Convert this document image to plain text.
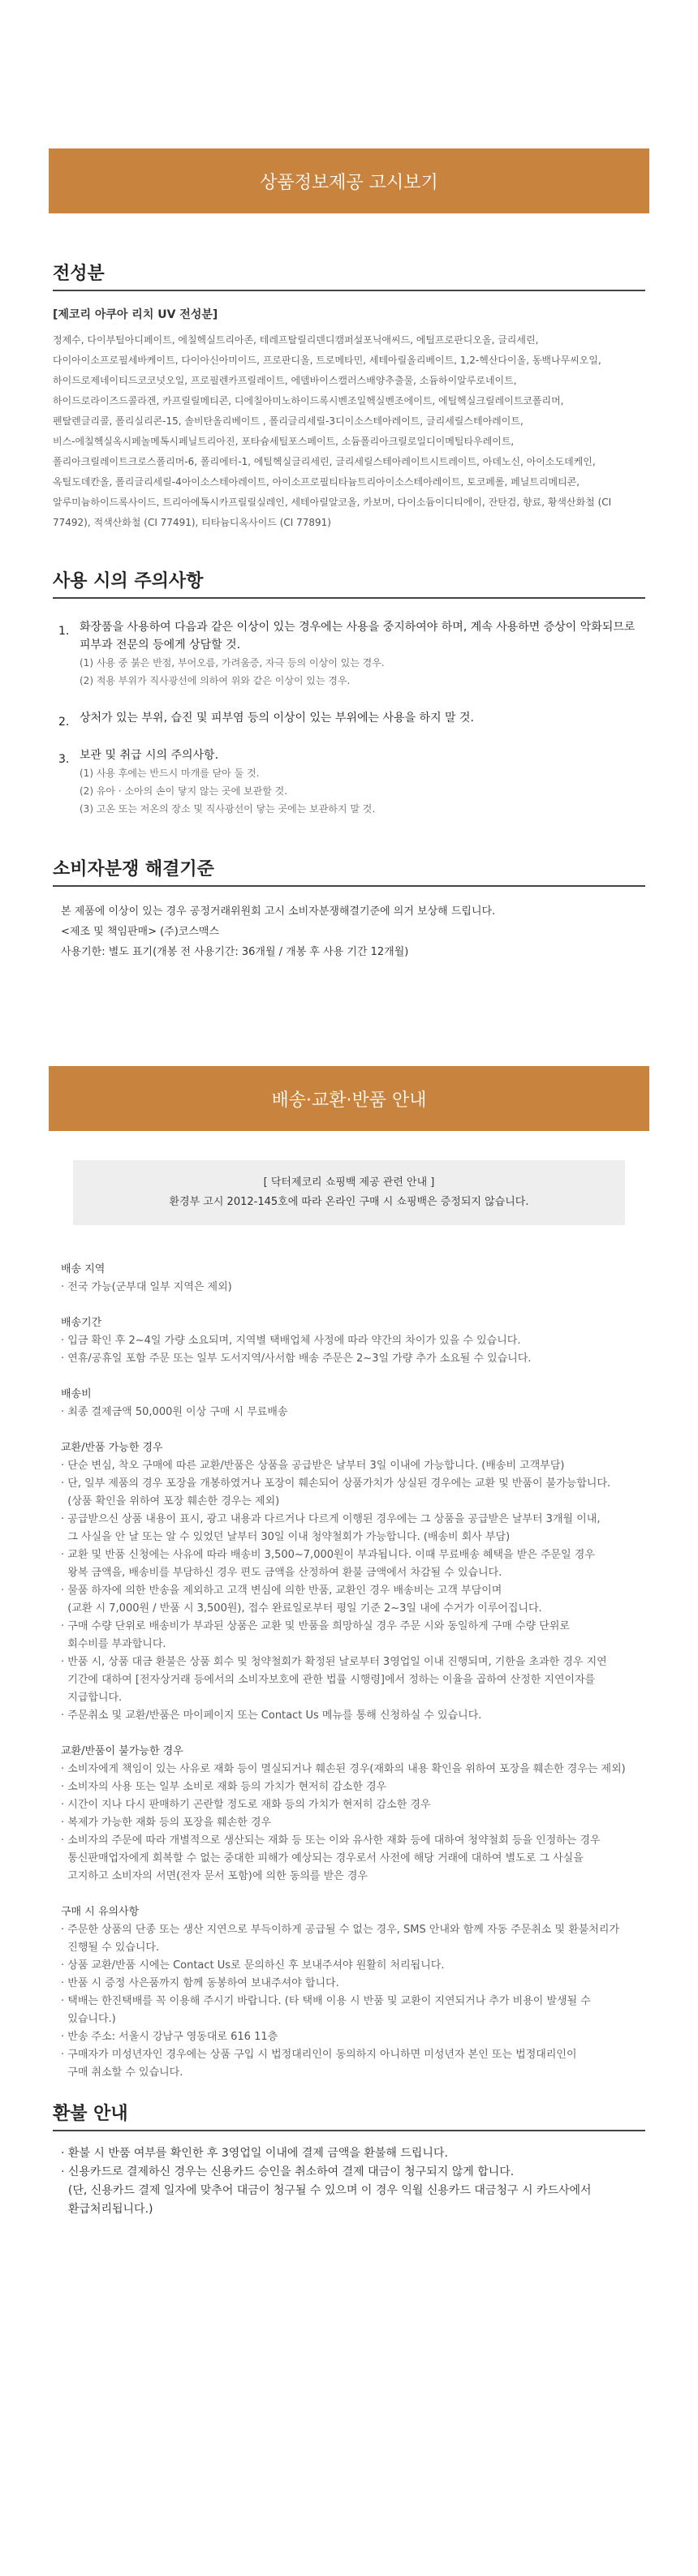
상품정보제공 고시보기
전성분
[제코리 아쿠아 리치 UV 전성분]
정제수, 다이부틸아디페이트, 에칠헥실트리아존, 테레프탈릴리덴디캠퍼설포닉애씨드, 에틸프로판디오올, 글리세린,
다이아이소프로필세바케이트, 다이아신아미이드, 프로판디올, 트로메타민, 세테아릴올리베이트, 1,2-헥산다이올, 동백나무씨오일,
하이드로제네이티드코코넛오일, 프로필렌카프릴레이트, 에델바이스캘러스배양추출물, 소듐하이알루로네이트,
하이드로라이즈드콜라겐, 카프릴릴메티콘, 디에칠아미노하이드록시벤조일헥실벤조에이트, 에틸헥실크릴레이트코폴리머,
펜탈렌글리콜, 폴리실리콘-15, 솔비탄올리베이트 , 폴리글리세릴-3디이소스테아레이트, 글리세릴스테아레이트,
비스-에칠헥실옥시페놀메톡시페닐트리아진, 포타슘세틸포스페이트, 소듐폴리아크릴로일디이메틸타우레이트,
폴리아크릴레이트크로스폴리머-6, 폴리에터-1, 에틸헥실글리세린, 글리세릴스테아레이트시트레이트, 아데노신, 아이소도데케인,
옥틸도데칸올, 폴리글리세릴-4아이소스테아레이트, 아이소프로필티타늄트리아이소스테아레이트, 토코페롤, 페닐트리메티콘,
알루미늄하이드록사이드, 트리아에톡시카프릴릴실레인, 세테아릴알코올, 카보머, 다이소듐이디티에이, 잔탄검, 향료, 황색산화철 (CI
77492), 적색산화철 (CI 77491), 티타늄디옥사이드 (CI 77891)
사용 시의 주의사항
1. 화장품을 사용하여 다음과 같은 이상이 있는 경우에는 사용을 중지하여야 하며, 계속 사용하면 증상이 악화되므로 피부과 전문의 등에게 상담할 것.
(1) 사용 중 붉은 반점, 부어오름, 가려움증, 자극 등의 이상이 있는 경우.
(2) 적용 부위가 직사광선에 의하여 위와 같은 이상이 있는 경우.
2. 상처가 있는 부위, 습진 및 피부염 등의 이상이 있는 부위에는 사용을 하지 말 것.
3. 보관 및 취급 시의 주의사항.
(1) 사용 후에는 반드시 마개를 닫아 둘 것.
(2) 유아 · 소아의 손이 닿지 않는 곳에 보관할 것.
(3) 고온 또는 저온의 장소 및 직사광선이 닿는 곳에는 보관하지 말 것.
소비자분쟁 해결기준
본 제품에 이상이 있는 경우 공정거래위원회 고시 소비자분쟁해결기준에 의거 보상해 드립니다.
<제조 및 책임판매> (주)코스맥스
사용기한: 별도 표기(개봉 전 사용기간: 36개월 / 개봉 후 사용 기간 12개월)
배송·교환·반품 안내
[ 닥터제코리 쇼핑백 제공 관련 안내 ]
환경부 고시 2012-145호에 따라 온라인 구매 시 쇼핑백은 증정되지 않습니다.
배송 지역
· 전국 가능(군부대 일부 지역은 제외)
배송기간
· 입금 확인 후 2~4일 가량 소요되며, 지역별 택배업체 사정에 따라 약간의 차이가 있을 수 있습니다.
· 연휴/공휴일 포함 주문 또는 일부 도서지역/사서함 배송 주문은 2~3일 가량 추가 소요될 수 있습니다.
배송비
· 최종 결제금액 50,000원 이상 구매 시 무료배송
교환/반품 가능한 경우
· 단순 변심, 착오 구매에 따른 교환/반품은 상품을 공급받은 날부터 3일 이내에 가능합니다. (배송비 고객부담)
· 단, 일부 제품의 경우 포장을 개봉하였거나 포장이 훼손되어 상품가치가 상실된 경우에는 교환 및 반품이 불가능합니다.
(상품 확인을 위하여 포장 훼손한 경우는 제외)
· 공급받으신 상품 내용이 표시, 광고 내용과 다르거나 다르게 이행된 경우에는 그 상품을 공급받은 날부터 3개월 이내,
그 사실을 안 날 또는 알 수 있었던 날부터 30일 이내 청약철회가 가능합니다. (배송비 회사 부담)
· 교환 및 반품 신청에는 사유에 따라 배송비 3,500~7,000원이 부과됩니다. 이때 무료배송 혜택을 받은 주문일 경우
왕복 금액을, 배송비를 부담하신 경우 편도 금액을 산정하여 환불 금액에서 차감될 수 있습니다.
· 물품 하자에 의한 반송을 제외하고 고객 변심에 의한 반품, 교환인 경우 배송비는 고객 부담이며
(교환 시 7,000원 / 반품 시 3,500원), 접수 완료일로부터 평일 기준 2~3일 내에 수거가 이루어집니다.
· 구매 수량 단위로 배송비가 부과된 상품은 교환 및 반품을 희망하실 경우 주문 시와 동일하게 구매 수량 단위로
회수비를 부과합니다.
· 반품 시, 상품 대금 환불은 상품 회수 및 청약철회가 확정된 날로부터 3영업일 이내 진행되며, 기한을 초과한 경우 지연
기간에 대하여 [전자상거래 등에서의 소비자보호에 관한 법률 시행령]에서 정하는 이율을 곱하여 산정한 지연이자를
지급합니다.
· 주문취소 및 교환/반품은 마이페이지 또는 Contact Us 메뉴를 통해 신청하실 수 있습니다.
교환/반품이 불가능한 경우
· 소비자에게 책임이 있는 사유로 재화 등이 멸실되거나 훼손된 경우(재화의 내용 확인을 위하여 포장을 훼손한 경우는 제외)
· 소비자의 사용 또는 일부 소비로 재화 등의 가치가 현저히 감소한 경우
· 시간이 지나 다시 판매하기 곤란할 정도로 재화 등의 가치가 현저히 감소한 경우
· 복제가 가능한 재화 등의 포장을 훼손한 경우
· 소비자의 주문에 따라 개별적으로 생산되는 재화 등 또는 이와 유사한 재화 등에 대하여 청약철회 등을 인정하는 경우
통신판매업자에게 회복할 수 없는 중대한 피해가 예상되는 경우로서 사전에 해당 거래에 대하여 별도로 그 사실을
고지하고 소비자의 서면(전자 문서 포함)에 의한 동의를 받은 경우
구매 시 유의사항
· 주문한 상품의 단종 또는 생산 지연으로 부득이하게 공급될 수 없는 경우, SMS 안내와 함께 자동 주문취소 및 환불처리가
진행될 수 있습니다.
· 상품 교환/반품 시에는 Contact Us로 문의하신 후 보내주셔야 원활히 처리됩니다.
· 반품 시 증정 사은품까지 함께 동봉하여 보내주셔야 합니다.
· 택배는 한진택배를 꼭 이용해 주시기 바랍니다. (타 택배 이용 시 반품 및 교환이 지연되거나 추가 비용이 발생될 수
있습니다.)
· 반송 주소: 서울시 강남구 영동대로 616 11층
· 구매자가 미성년자인 경우에는 상품 구입 시 법정대리인이 동의하지 아니하면 미성년자 본인 또는 법정대리인이
구매 취소할 수 있습니다.
환불 안내
· 환불 시 반품 여부를 확인한 후 3영업일 이내에 결제 금액을 환불해 드립니다.
· 신용카드로 결제하신 경우는 신용카드 승인을 취소하여 결제 대금이 청구되지 않게 합니다.
(단, 신용카드 결제 일자에 맞추어 대금이 청구될 수 있으며 이 경우 익월 신용카드 대금청구 시 카드사에서
환급처리됩니다.)
